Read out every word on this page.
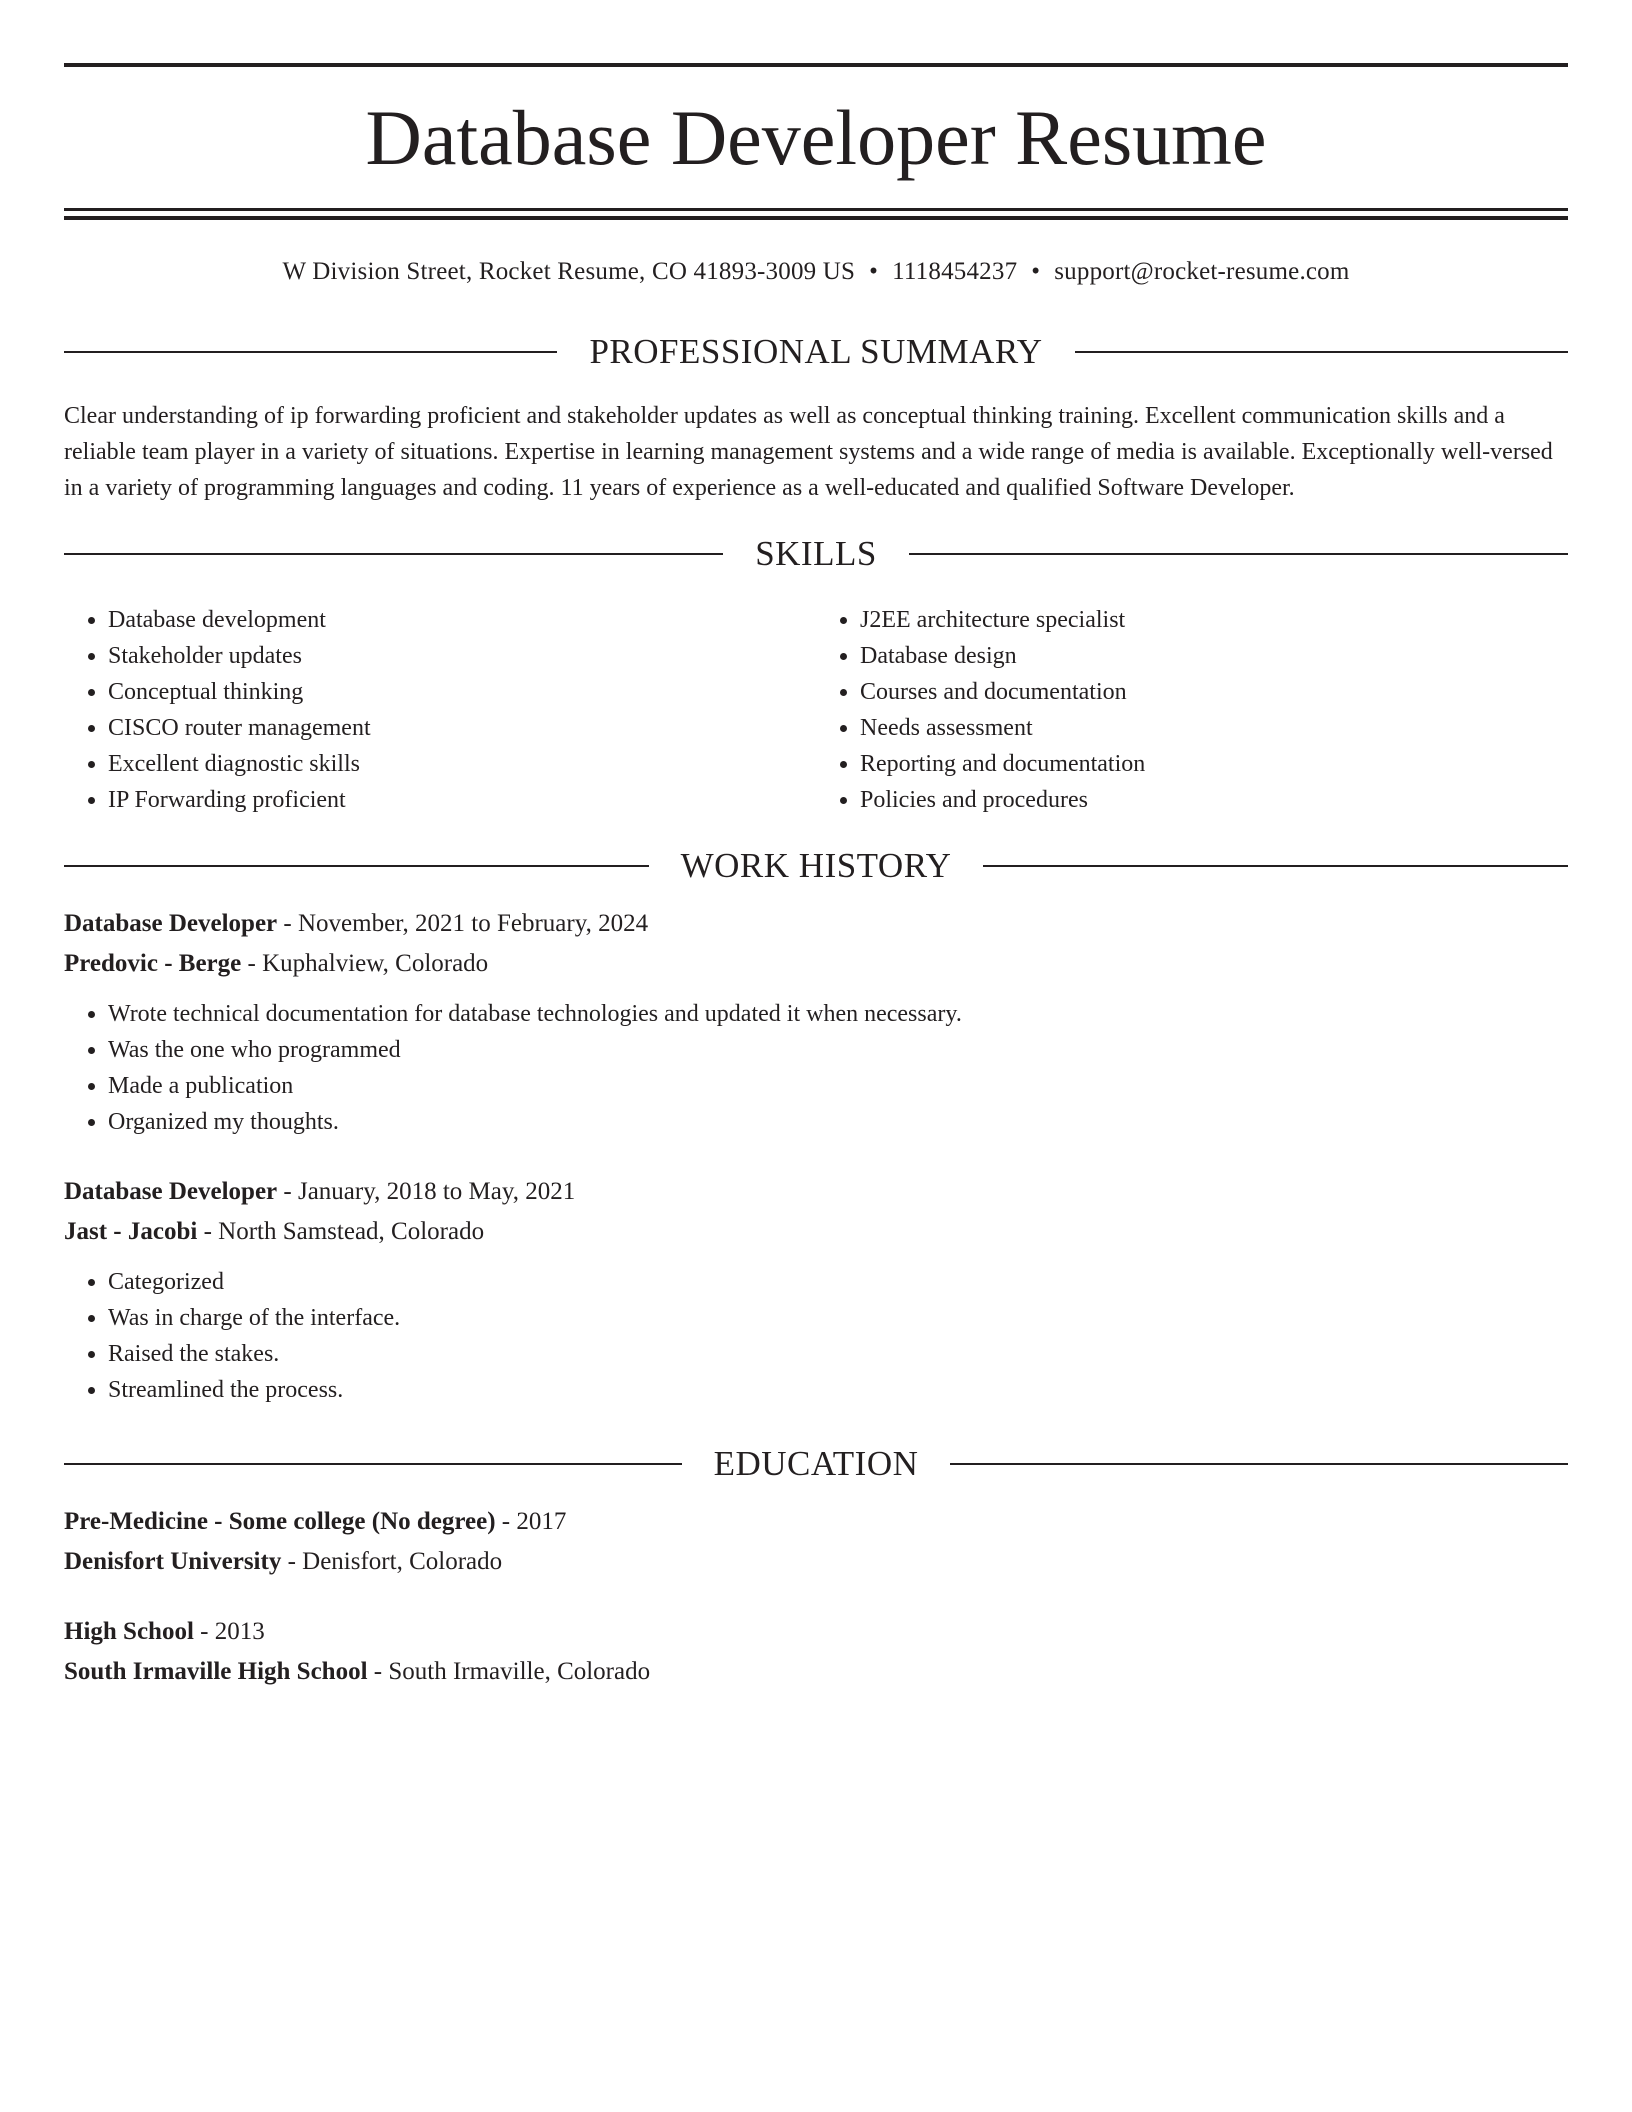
Database Developer Resume
W Division Street, Rocket Resume, CO 41893-3009 US • 1118454237 • support@rocket-resume.com
PROFESSIONAL SUMMARY

Clear understanding of ip forwarding proficient and stakeholder updates as well as conceptual thinking training. Excellent communication skills and a reliable team player in a variety of situations. Expertise in learning management systems and a wide range of media is available. Exceptionally well-versed in a variety of programming languages and coding. 11 years of experience as a well-educated and qualified Software Developer.

SKILLS
• Database development
• Stakeholder updates
• Conceptual thinking
• CISCO router management
• Excellent diagnostic skills
• IP Forwarding proficient
• J2EE architecture specialist
• Database design
• Courses and documentation
• Needs assessment
• Reporting and documentation
• Policies and procedures
WORK HISTORY
Database Developer - November, 2021 to February, 2024
Predovic - Berge - Kuphalview, Colorado
• Wrote technical documentation for database technologies and updated it when necessary.
• Was the one who programmed
• Made a publication
• Organized my thoughts.
Database Developer - January, 2018 to May, 2021
Jast - Jacobi - North Samstead, Colorado
• Categorized
• Was in charge of the interface.
• Raised the stakes.
• Streamlined the process.
EDUCATION
Pre-Medicine - Some college (No degree) - 2017
Denisfort University - Denisfort, Colorado
High School - 2013
South Irmaville High School - South Irmaville, Colorado
